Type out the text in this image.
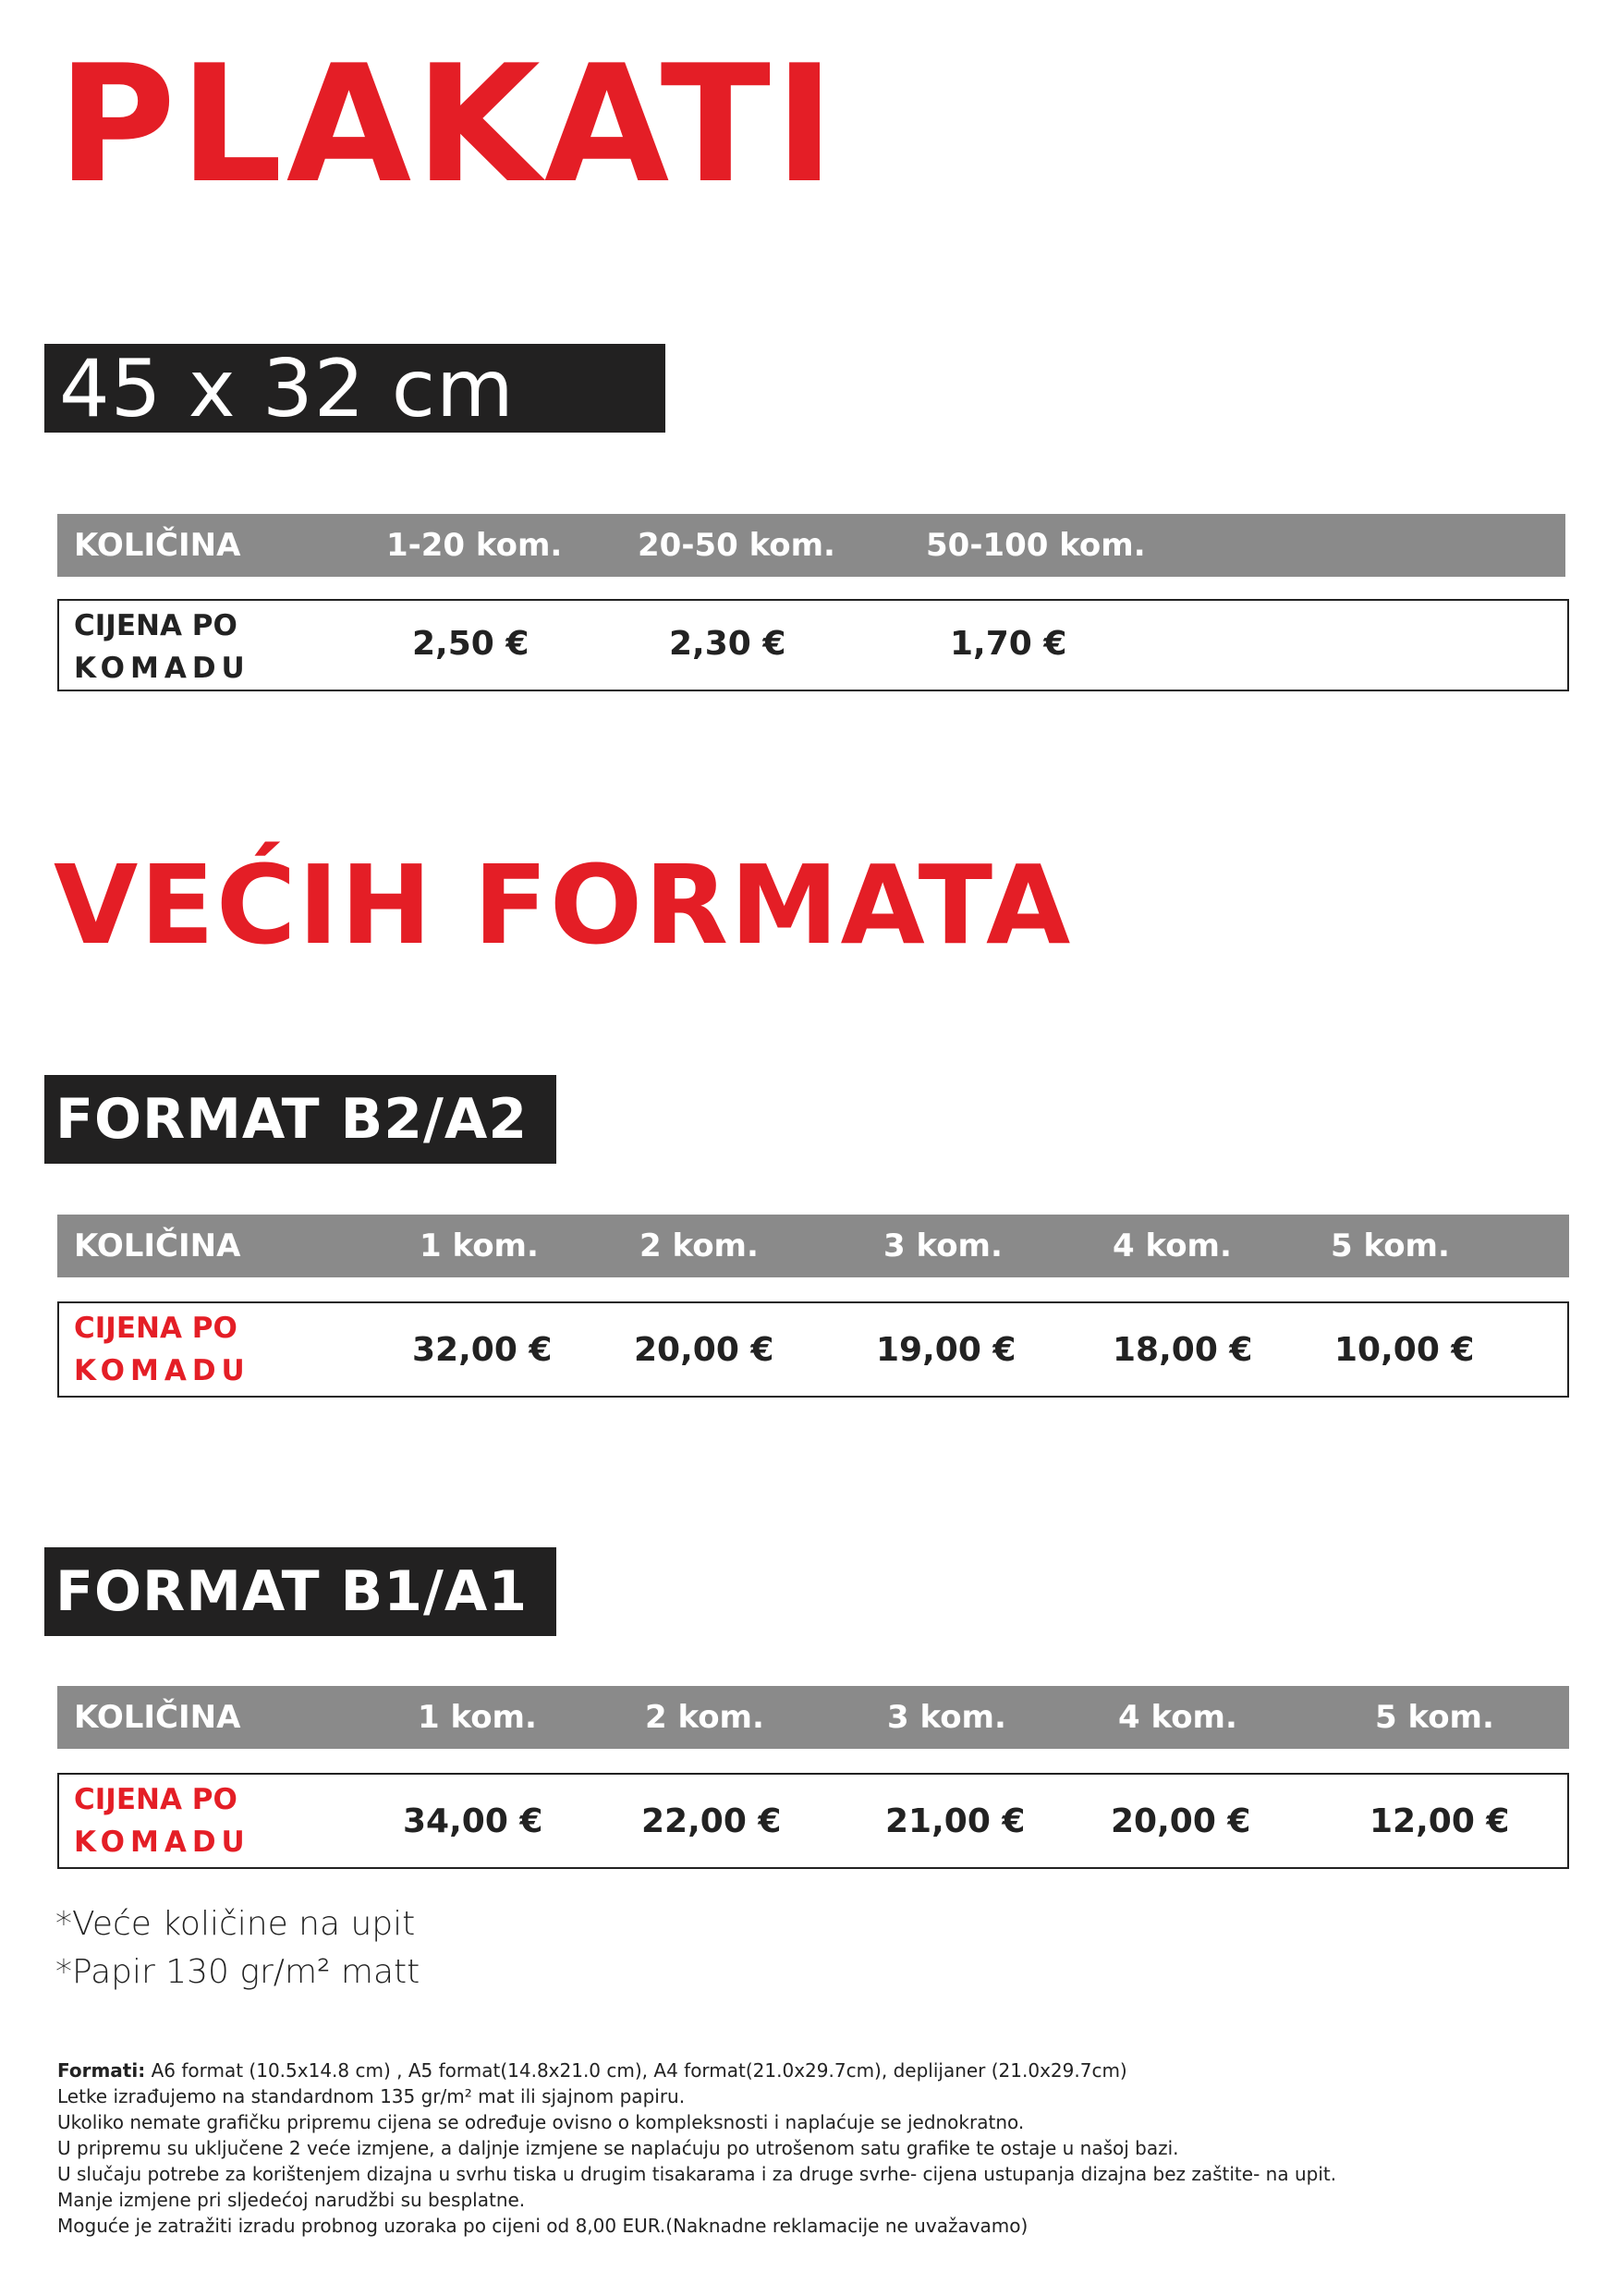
PLAKATI
45 x 32 cm
KOLIČINA	1-20 kom. 20-50 kom.	50-100 kom.
CIJENA PO
KOMADU
2,50 €	2,30 €	1,70 €
VEĆIH FORMATA
FORMAT B2/A2
KOLIČINA	1 kom.	2 kom.	3 kom.	4 kom.	5 kom.
CIJENA PO
KOMADU
32,00 € 20,00 €	19,00 €	18,00 € 10,00 €
FORMAT B1/A1
KOLIČINA	1 kom.	2 kom.	3 kom.	4 kom.	5 kom.
CIJENA PO
KOMADU
34,00 €	22,00 €	21,00 €	20,00 €	12,00 €
*Veće količine na upit
*Papir 130 gr/m² matt
Formati: A6 format (10.5x14.8 cm) , A5 format(14.8x21.0 cm), A4 format(21.0x29.7cm), deplijaner (21.0x29.7cm)
Letke izrađujemo na standardnom 135 gr/m² mat ili sjajnom papiru.
Ukoliko nemate grafičku pripremu cijena se određuje ovisno o kompleksnosti i naplaćuje se jednokratno.
U pripremu su uključene 2 veće izmjene, a daljnje izmjene se naplaćuju po utrošenom satu grafike te ostaje u našoj bazi.
U slučaju potrebe za korištenjem dizajna u svrhu tiska u drugim tisakarama i za druge svrhe- cijena ustupanja dizajna bez zaštite- na upit.
Manje izmjene pri sljedećoj narudžbi su besplatne.
Moguće je zatražiti izradu probnog uzoraka po cijeni od 8,00 EUR.(Naknadne reklamacije ne uvažavamo)
